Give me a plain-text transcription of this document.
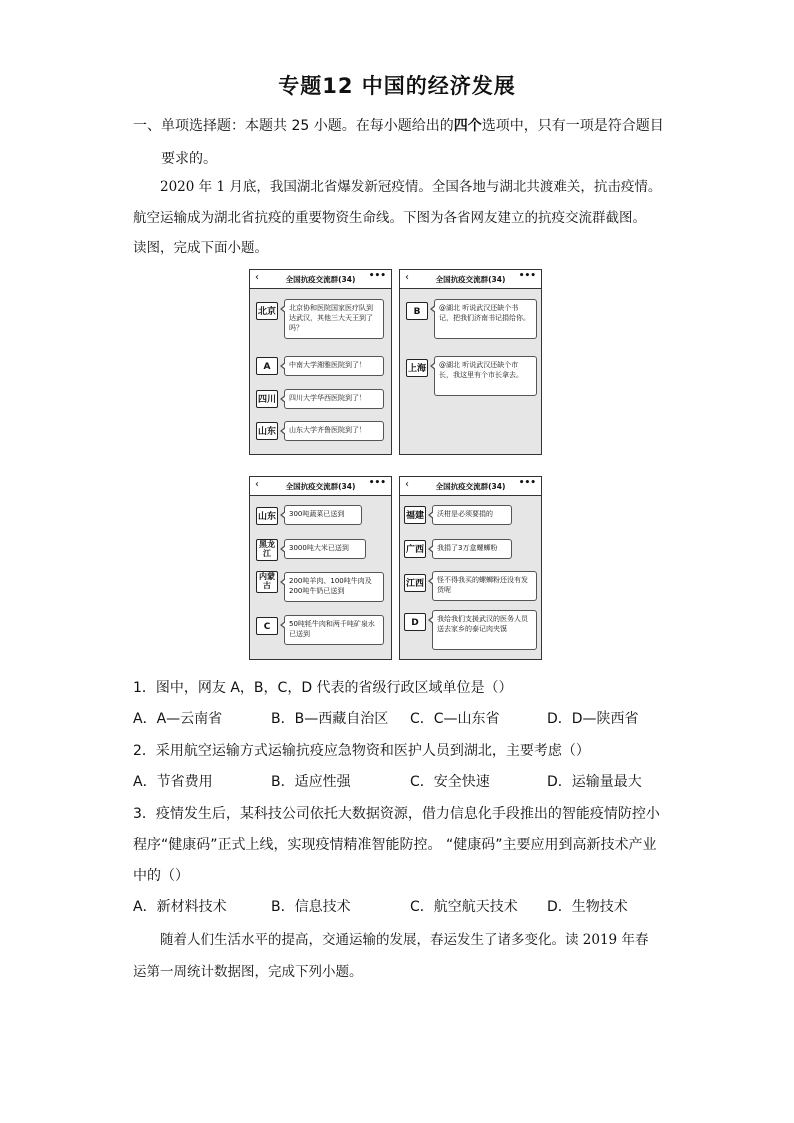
专题12 中国的经济发展
一、单项选择题：本题共 25 小题。在每小题给出的四个选项中，只有一项是符合题目
要求的。
2020 年 1 月底，我国湖北省爆发新冠疫情。全国各地与湖北共渡难关，抗击疫情。
航空运输成为湖北省抗疫的重要物资生命线。下图为各省网友建立的抗疫交流群截图。
读图，完成下面小题。
‹	全国抗疫交流群(34)	•••
北京	北京协和医院国家医疗队到达武汉，其他三大天王到了吗？
A	中南大学湘雅医院到了！
四川	四川大学华西医院到了！
山东	山东大学齐鲁医院到了！
‹	全国抗疫交流群(34)	•••
B	@湖北 听说武汉还缺个书记，把我们济南书记捐给你。
上海	@湖北 听说武汉还缺个市长，我这里有个市长拿去。
‹	全国抗疫交流群(34)	•••
山东	300吨蔬菜已送到
黑龙江
3000吨大米已送到
内蒙古	200吨羊肉、100吨牛肉及200吨牛奶已送到
C	50吨牦牛肉和两千吨矿泉水已送到
‹	全国抗疫交流群(34)	•••
福建	沃柑是必须要捐的
广西	我捐了3万盒螺蛳粉
江西	怪不得我买的螺蛳粉还没有发货呢
D	我给我们支援武汉的医务人员送去家乡的泰记肉夹馍
1．图中，网友 A，B，C，D 代表的省级行政区域单位是（）
A．A—云南省	B．B—西藏自治区 C．C—山东省	D．D—陕西省
2．采用航空运输方式运输抗疫应急物资和医护人员到湖北，主要考虑（）
A．节省费用	B．适应性强	C．安全快速	D．运输量最大
3．疫情发生后，某科技公司依托大数据资源，借力信息化手段推出的智能疫情防控小
程序“健康码”正式上线，实现疫情精准智能防控。 “健康码”主要应用到高新技术产业
中的（）
A．新材料技术	B．信息技术	C．航空航天技术 D．生物技术
随着人们生活水平的提高，交通运输的发展，春运发生了诸多变化。读 2019 年春
运第一周统计数据图，完成下列小题。
